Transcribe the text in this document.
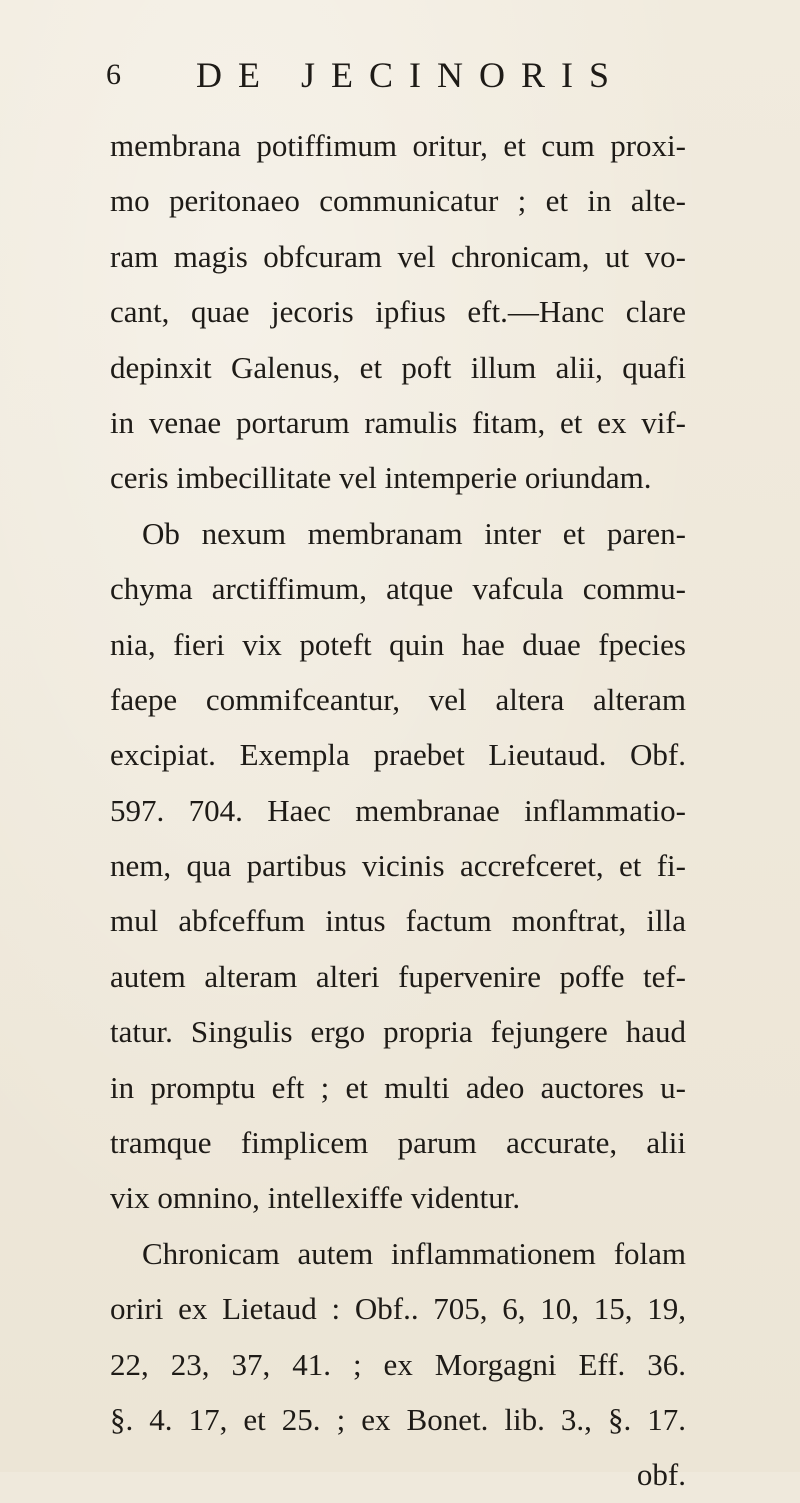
6 DE JECINORIS
membrana potiffimum oritur, et cum proxi-
mo peritonaeo communicatur ; et in alte-
ram magis obfcuram vel chronicam, ut vo-
cant, quae jecoris ipfius eft.—Hanc clare
depinxit Galenus, et poft illum alii, quafi
in venae portarum ramulis fitam, et ex vif-
ceris imbecillitate vel intemperie oriundam.
Ob nexum membranam inter et paren-
chyma arctiffimum, atque vafcula commu-
nia, fieri vix poteft quin hae duae fpecies
faepe commifceantur, vel altera alteram
excipiat. Exempla praebet Lieutaud. Obf.
597. 704. Haec membranae inflammatio-
nem, qua partibus vicinis accrefceret, et fi-
mul abfceffum intus factum monftrat, illa
autem alteram alteri fupervenire poffe tef-
tatur. Singulis ergo propria fejungere haud
in promptu eft ; et multi adeo auctores u-
tramque fimplicem parum accurate, alii
vix omnino, intellexiffe videntur.
Chronicam autem inflammationem folam
oriri ex Lietaud : Obf.. 705, 6, 10, 15, 19,
22, 23, 37, 41. ; ex Morgagni Eff. 36.
§. 4. 17, et 25. ; ex Bonet. lib. 3., §. 17.
obf.
